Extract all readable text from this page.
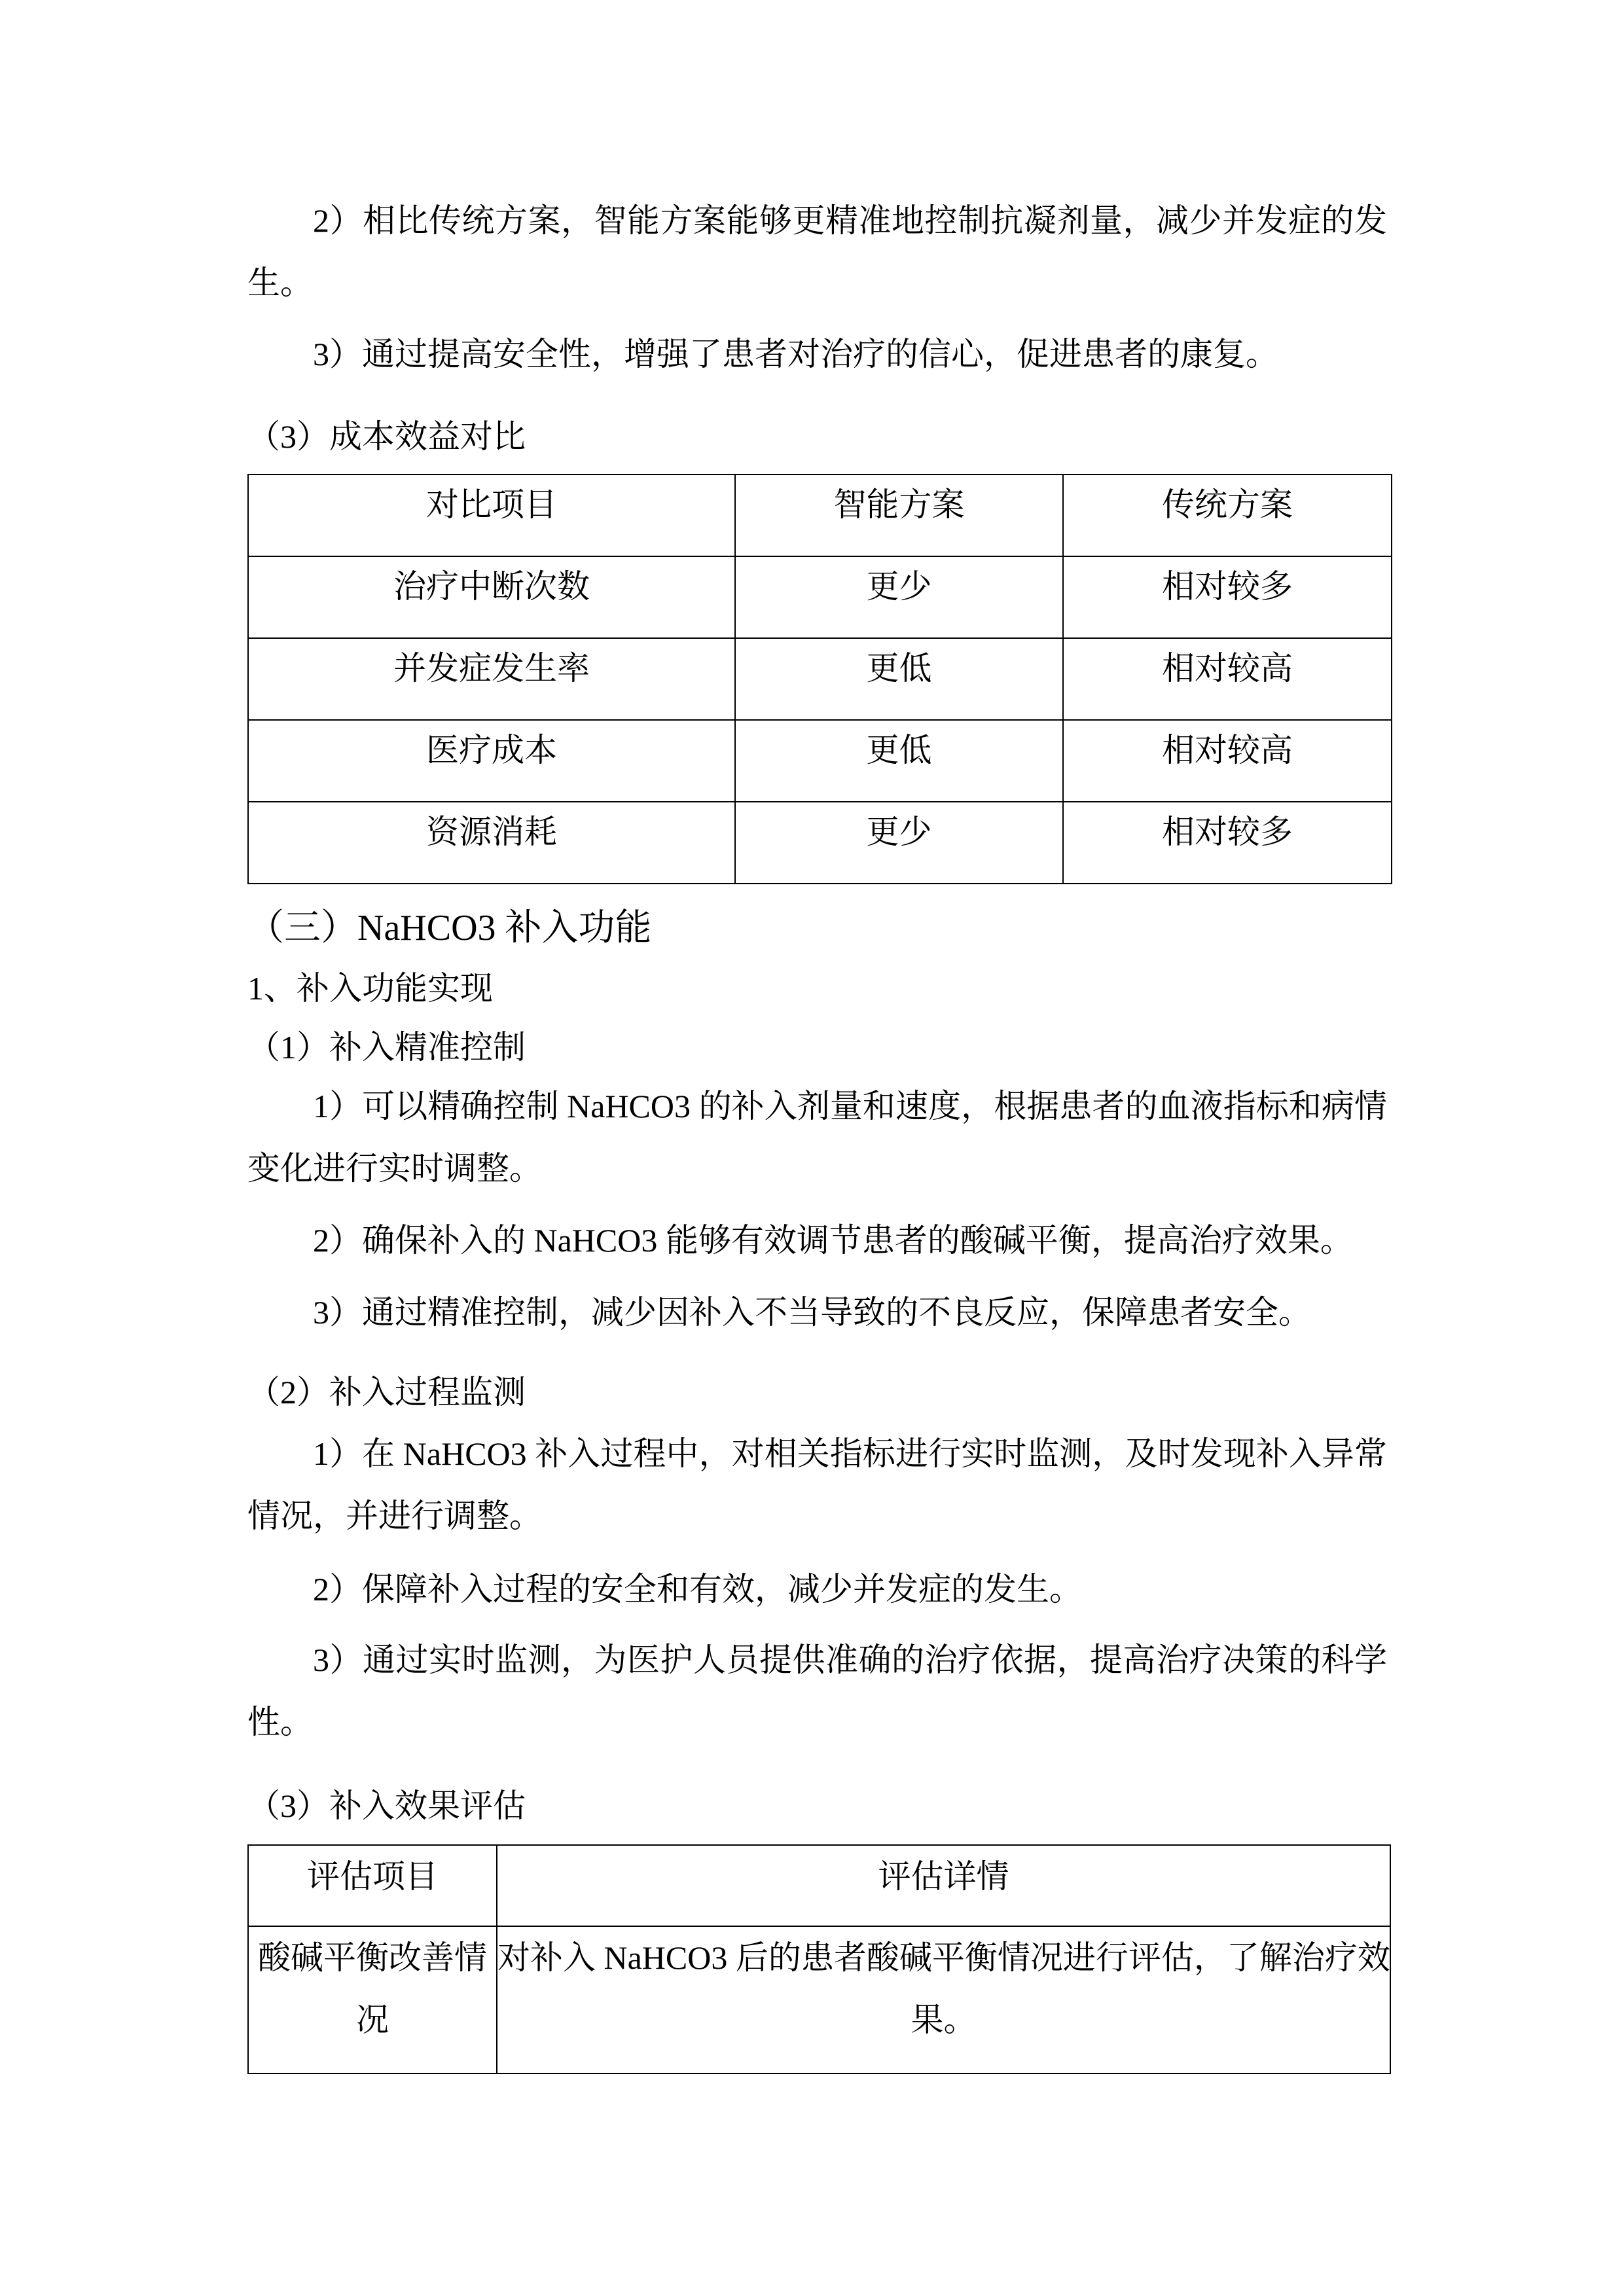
2）相比传统方案，智能方案能够更精准地控制抗凝剂量，减少并发症的发
生。
3）通过提高安全性，增强了患者对治疗的信心，促进患者的康复。
（3）成本效益对比
对比项目	智能方案	传统方案
治疗中断次数	更少	相对较多
并发症发生率	更低	相对较高
医疗成本	更低	相对较高
资源消耗	更少	相对较多
（三）NaHCO3 补入功能
1、补入功能实现
（1）补入精准控制
1）可以精确控制 NaHCO3 的补入剂量和速度，根据患者的血液指标和病情
变化进行实时调整。
2）确保补入的 NaHCO3 能够有效调节患者的酸碱平衡，提高治疗效果。
3）通过精准控制，减少因补入不当导致的不良反应，保障患者安全。
（2）补入过程监测
1）在 NaHCO3 补入过程中，对相关指标进行实时监测，及时发现补入异常
情况，并进行调整。
2）保障补入过程的安全和有效，减少并发症的发生。
3）通过实时监测，为医护人员提供准确的治疗依据，提高治疗决策的科学
性。
（3）补入效果评估
评估项目	评估详情

酸碱平衡改善情
况	对补入 NaHCO3 后的患者酸碱平衡情况进行评估，了解治疗效
果。
